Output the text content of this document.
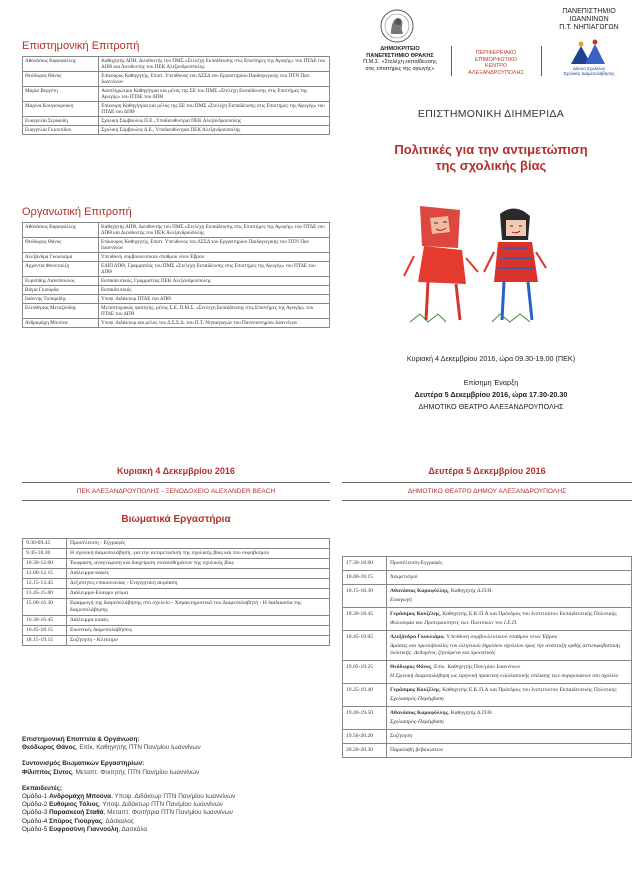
Επιστημονική Επιτροπή
Αθανάσιος Καραφύλλης	Καθηγητής ΔΠΘ, Διευθυντής του ΠΜΣ «Στελέχη Εκπαίδευσης στις Επιστήμες της Αγωγής» του ΠΤΔΕ του ΔΠΘ και Διευθυντής του ΠΕΚ Αλεξανδρούπολης
Θεόδωρος Θάνος	Επίκουρος Καθηγητής, Επιστ. Υπεύθυνος του ΔΣΣΔ του Εργαστηρίου Παιδαγωγικής του ΠΤΝ Παν. Ιωαννίνων
Μαρία Βεργέτη	Αναπληρώτρια Καθηγήτρια και μέλος της ΣΕ του ΠΜΣ «Στελέχη Εκπαίδευσης στις Επιστήμες της Αγωγής» του ΠΤΔΕ του ΔΠΘ
Μαρίνα Κουγιουρούκη	Επίκουρη Καθηγήτρια και μέλος της ΣΕ του ΠΜΣ «Στελέχη Εκπαίδευσης στις Επιστήμες της Αγωγής» του ΠΤΔΕ του ΔΠΘ
Ευαγγελία Σεροφιδη	Σχολική Σύμβουλος Π.Ε., Υποδιευθύντρια ΠΕΚ Αλεξανδρούπολης
Ευαγγελία Γκιουτίδου	Σχολική Σύμβουλος Δ.Ε., Υποδιευθύντρια ΠΕΚ Αλεξανδρούπολης
Οργανωτική Επιτροπή
Αθανάσιος Καραφύλλης	Καθηγητής ΔΠΘ, Διευθυντής του ΠΜΣ «Στελέχη Εκπαίδευσης στις Επιστήμες της Αγωγής» του ΠΤΔΕ του ΔΠΘ και Διευθυντής του ΠΕΚ Αλεξανδρούπολης
Θεόδωρος Θάνος	Επίκουρος Καθηγητής, Επιστ. Υπεύθυνος του ΔΣΣΔ του Εργαστηρίου Παιδαγωγικής του ΠΤΝ Παν. Ιωαννίνων
Αλεξάνδρα Γκουλιάμα	Υπεύθυνη συμβουλευτικού σταθμού νέων Έβρου
Αρχοντία Φουντούζη	ΕΔΙΠ ΔΠΘ, Γραμματέας του ΠΜΣ «Στελέχη Εκπαίδευσης στις Επιστήμες της Αγωγής» του ΠΤΔΕ του ΔΠΘ
Ευριπίδης Λιανόπουλος	Εκπαιδευτικός, Γραμματέας ΠΕΚ Αλεξανδρούπολης
Βάγια Γκιούρδα	Εκπαιδευτικός
Ιωάννης Τυπαρίδης	Υποψ. Διδάκτωρ ΠΤΔΕ του ΔΠΘ
Ελευθέριος Μεταξούδης	Μεταπτυχιακός φοιτητής, μέλος Σ.Ε. Π.Μ.Σ. «Στελέχη Εκπαίδευσης στις Επιστήμες της Αγωγής» του ΠΤΔΕ του ΔΠΘ
Ανδρομάχη Μπούνα	Υποψ. Διδάκτωρ και μέλος του Δ.Σ.Σ.Δ. του Π.Τ. Νηπιαγωγών του Πανεπιστημίου Ιωαννίνων
ΔΗΜΟΚΡΙΤΕΙΟ
ΠΑΝΕΠΙΣΤΗΜΙΟ ΘΡΑΚΗΣ
Π.Μ.Σ. «Στελέχη εκπαίδευσης
στις επιστήμες της αγωγής»
ΠΕΡΙΦΕΡΕΙΑΚΟ
ΕΠΙΜΟΡΦΩΤΙΚΟ
ΚΕΝΤΡΟ
ΑΛΕΞΑΝΔΡΟΥΠΟΛΗΣ
ΠΑΝΕΠΙΣΤΗΜΙΟ
ΙΩΑΝΝΙΝΩΝ
Π.Τ. ΝΗΠΙΑΓΩΓΩΝ
Δίκτυο Σχολείων
Σχολικής Διαμεσολάβησης
ΕΠΙΣΤΗΜΟΝΙΚΗ ΔΙΗΜΕΡΙΔΑ
Πολιτικές για την αντιμετώπιση
της σχολικής βίας
Κυριακή 4 Δεκεμβρίου 2016, ώρα 09.30-19.00 (ΠΕΚ)
Επίσημη Έναρξη
Δευτέρα 5 Δεκεμβρίου 2016, ώρα 17.30-20.30
ΔΗΜΟΤΙΚΟ ΘΕΑΤΡΟ ΑΛΕΞΑΝΔΡΟΥΠΟΛΗΣ
Κυριακή 4 Δεκεμβρίου 2016
ΠΕΚ ΑΛΕΞΑΝΔΡΟΥΠΟΛΗΣ - ΞΕΝΟΔΟΧΕΙΟ ALEXANDER BEACH
Βιωματικά Εργαστήρια
9.30-09.45	Προσέλευση - Εγγραφές
9.45-10.30	Η σχολική διαμεσολάβηση, για την αντιμετώπιση της σχολικής βίας και του εκφοβισμού
10.30-12.00	Έκφραση, αναγνώριση και διαχείριση συναισθημάτων της σχολικής βίας
12.00-12.15	Διάλειμμα-καφές
12.15-13.45	Δεξιότητες επικοινωνίας - Ενεργητική ακρόαση
13.45-15.00	Διάλειμμα-Ελαφρύ γεύμα
15.00-16.30	Εφαρμογή της διαμεσολάβησης στο σχολείο - Χαρακτηριστικά του Διαμεσολαβητή - Η διαδικασία της διαμεσολάβησης
16.30-16.45	Διάλειμμα καφές
16.45-18.15	Εικονικές διαμεσολαβήσεις
18.15-19.15	Συζήτηση - Κλείσιμο
Επιστημονική Εποπτεία & Οργάνωση:
Θεόδωρος Θάνος, Επίκ. Καθηγητής ΠΤΝ Παν/μίου Ιωαννίνων
Συντονισμός Βιωματικών Εργαστηρίων:
Φίλιππος Σίντος, Μεταπτ. Φοιτητής ΠΤΝ Παν/μίου Ιωαννίνων
Εκπαιδευτές:
Ομάδα-1 Ανδρομάχη Μπούνα, Υποψ. Διδάκτωρ ΠΤΝ Παν/μίου Ιωαννίνων
Ομάδα-2 Ευθύμιος Τόλιος, Υποψ. Διδάκτωρ ΠΤΝ Παν/μίου Ιωαννίνων
Ομάδα-3 Παρασκευή Σταθά, Μεταπτ. Φοιτήτρια ΠΤΝ Παν/μίου Ιωαννίνων
Ομάδα-4 Σπύρος Γιούργας, Δάσκαλος
Ομάδα-5 Ευφροσύνη Γιαννούλη, Δασκάλα
Δευτέρα 5 Δεκεμβρίου 2016
ΔΗΜΟΤΙΚΟ ΘΕΑΤΡΟ ΔΗΜΟΥ ΑΛΕΞΑΝΔΡΟΥΠΟΛΗΣ
17.30-18.00	Προσέλευση-Εγγραφές

18.00-18.15	Χαιρετισμοί

18.15-18.30	Αθανάσιος Καραφύλλης, Καθηγητής Δ.Π.Θ.
Εισαγωγή

18.30-18.45	Γεράσιμος Κουζέλης, Καθηγητής Ε.Κ.Π.Α και Πρόεδρος του Ινστιτούτου Εκπαιδευτικής Πολιτικής
Φιλοσοφία και Προτεραιότητες των Πολιτικών του Ι.Ε.Π.

18.45-19.05	Αλεξάνδρα Γκουλιάμα, Υπεύθυνη συμβουλευτικού σταθμού νέων Έβρου
Δράσεις και πρωτοβουλίες του ελληνικού δημόσιου σχολείου προς την ανάπτυξη ορθής αντιεκφοβιστικής πολιτικής: Δεδομένα, ζητούμενα και προοπτικές

19.05-19.25	Θεόδωρος Θάνος, Επίκ. Καθηγητής Παν/μίου Ιωαννίνων
Η Σχολική Διαμεσολάβηση ως ειρηνική πρακτική εναλλακτικής επίλυσης των συγκρούσεων στο σχολείο

19.25-19.40	Γεράσιμος Κουζέλης, Καθηγητής Ε.Κ.Π.Α και Πρόεδρος του Ινστιτούτου Εκπαιδευτικής Πολιτικής
Σχολιασμός-Παρέμβαση

19.40-19.50	Αθανάσιος Καραφύλλης, Καθηγητής Δ.Π.Θ.
Σχολιασμός-Παρέμβαση

19.50-20.20	Συζήτηση

20.20-20.30	Παραλαβή βεβαιώσεων
